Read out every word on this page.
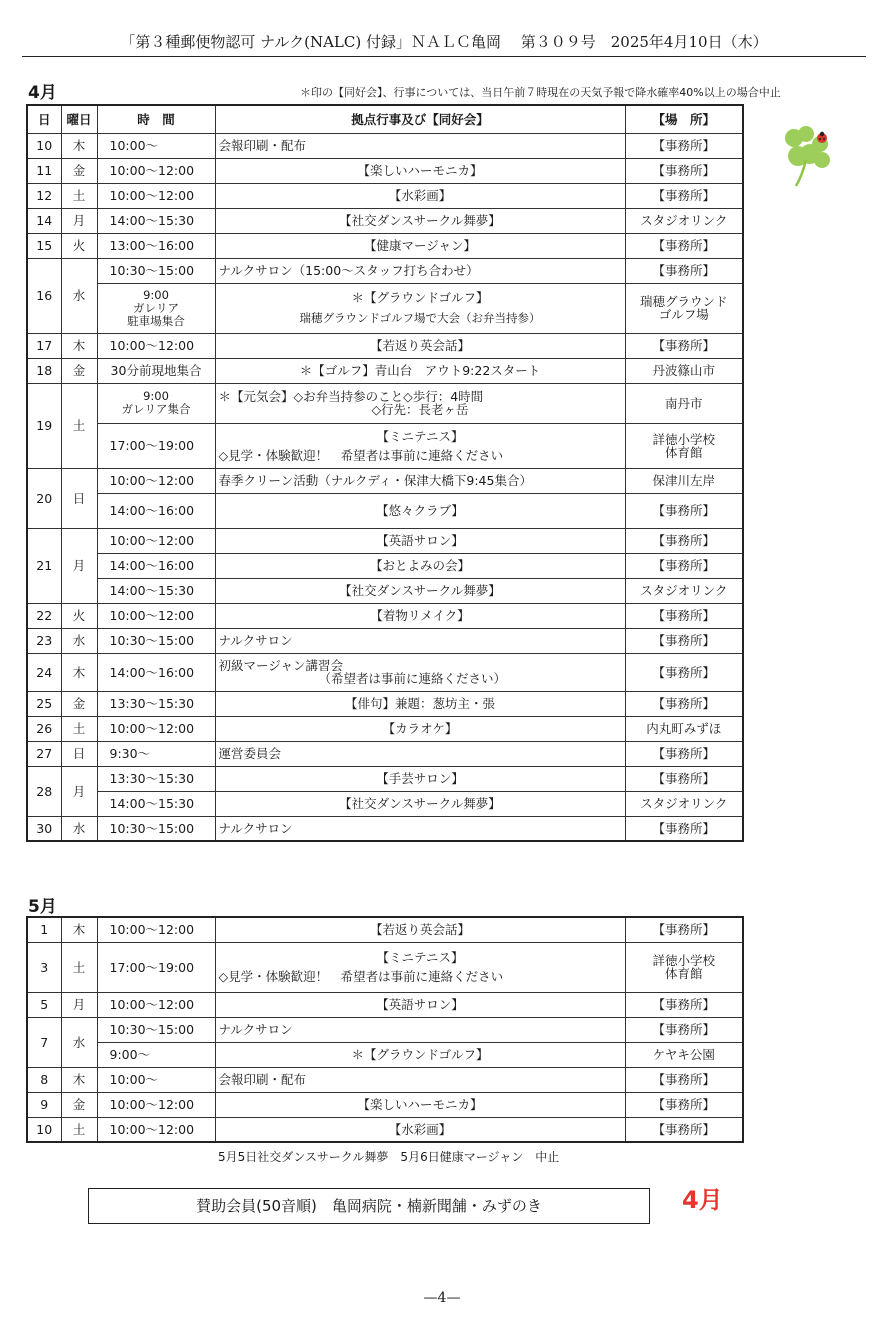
「第３種郵便物認可 ナルク(NALC) 付録」ＮＡＬＣ亀岡　 第３０９号　2025年4月10日（木）
4月	＊印の【同好会】、行事については、当日午前７時現在の天気予報で降水確率40%以上の場合中止
日	曜日	時　間	拠点行事及び【同好会】	【場　所】
10	木	10:00～	会報印刷・配布	【事務所】
11	金	10:00～12:00	【楽しいハーモニカ】	【事務所】
12	土	10:00～12:00	【水彩画】	【事務所】
14	月	14:00～15:30	【社交ダンスサークル舞夢】	スタジオリンク
15	火	13:00～16:00	【健康マージャン】	【事務所】
16	水	10:30～15:00	ナルクサロン（15:00～スタッフ打ち合わせ）	【事務所】

		9:00
ガレリア
駐車場集合	＊【グラウンドゴルフ】
瑞穂グラウンドゴルフ場で大会（お弁当持参）	瑞穂グラウンド
ゴルフ場

17	木	10:00～12:00	【若返り英会話】	【事務所】
18	金	30分前現地集合	＊【ゴルフ】青山台　アウト9:22スタート	丹波篠山市
19	土	9:00
ガレリア集合	＊【元気会】◇お弁当持参のこと◇歩行：4時間
◇行先：長老ヶ岳	南丹市
		17:00～19:00	【ミニテニス】
◇見学・体験歓迎！　希望者は事前に連絡ください	詳徳小学校
体育館

20	日	10:00～12:00	春季クリーン活動（ナルクディ・保津大橋下9:45集合）	保津川左岸
		14:00～16:00	【悠々クラブ】	【事務所】
21	月	10:00～12:00	【英語サロン】	【事務所】
		14:00～16:00	【おとよみの会】	【事務所】
		14:00～15:30	【社交ダンスサークル舞夢】	スタジオリンク
22	火	10:00～12:00	【着物リメイク】	【事務所】
23	水	10:30～15:00	ナルクサロン	【事務所】
24	木	14:00～16:00	初級マージャン講習会
（希望者は事前に連絡ください）	【事務所】
25	金	13:30～15:30	【俳句】兼題：葱坊主・張	【事務所】
26	土	10:00～12:00	【カラオケ】	内丸町みずほ
27	日	9:30～	運営委員会	【事務所】
28	月	13:30～15:30	【手芸サロン】	【事務所】
		14:00～15:30	【社交ダンスサークル舞夢】	スタジオリンク
30	水	10:30～15:00	ナルクサロン	【事務所】
5月
1	木	10:00～12:00	【若返り英会話】	【事務所】
3	土	17:00～19:00	【ミニテニス】
◇見学・体験歓迎！　希望者は事前に連絡ください	詳徳小学校
体育館

5	月	10:00～12:00	【英語サロン】	【事務所】
7	水	10:30～15:00	ナルクサロン	【事務所】
		9:00～	＊【グラウンドゴルフ】	ケヤキ公園
8	木	10:00～	会報印刷・配布	【事務所】
9	金	10:00～12:00	【楽しいハーモニカ】	【事務所】
10	土	10:00～12:00	【水彩画】	【事務所】
5月5日社交ダンスサークル舞夢　5月6日健康マージャン　中止
賛助会員(50音順)　亀岡病院・楠新聞舗・みずのき	4月
—4—
